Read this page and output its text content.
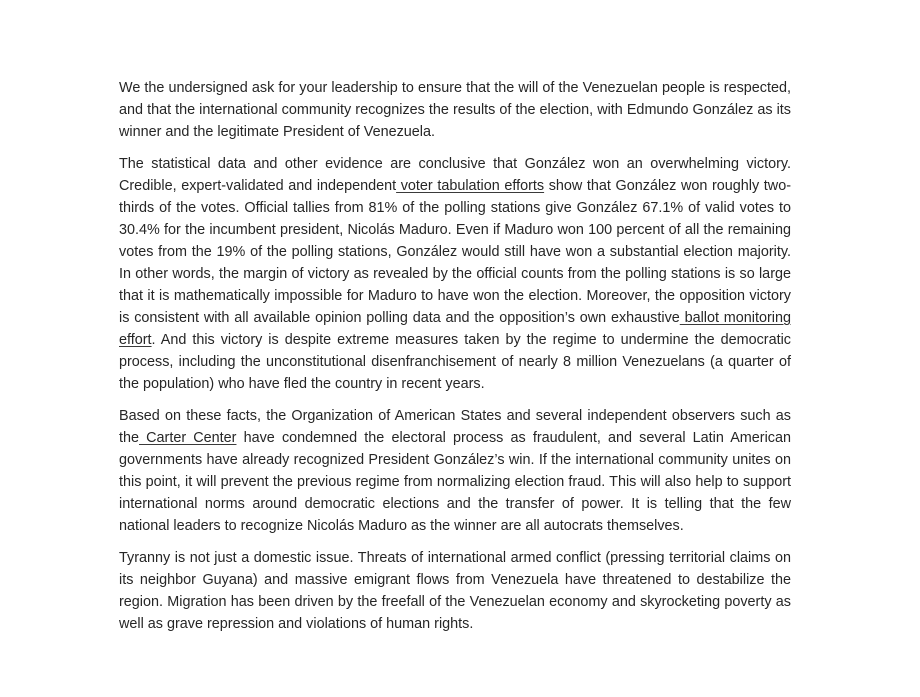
We the undersigned ask for your leadership to ensure that the will of the Venezuelan people is respected, and that the international community recognizes the results of the election, with Edmundo González as its winner and the legitimate President of Venezuela.

The statistical data and other evidence are conclusive that González won an overwhelming victory. Credible, expert-validated and independent voter tabulation efforts show that González won roughly two-thirds of the votes. Official tallies from 81% of the polling stations give González 67.1% of valid votes to 30.4% for the incumbent president, Nicolás Maduro. Even if Maduro won 100 percent of all the remaining votes from the 19% of the polling stations, González would still have won a substantial election majority. In other words, the margin of victory as revealed by the official counts from the polling stations is so large that it is mathematically impossible for Maduro to have won the election. Moreover, the opposition victory is consistent with all available opinion polling data and the opposition’s own exhaustive ballot monitoring effort. And this victory is despite extreme measures taken by the regime to undermine the democratic process, including the unconstitutional disenfranchisement of nearly 8 million Venezuelans (a quarter of the population) who have fled the country in recent years.

Based on these facts, the Organization of American States and several independent observers such as the Carter Center have condemned the electoral process as fraudulent, and several Latin American governments have already recognized President González’s win. If the international community unites on this point, it will prevent the previous regime from normalizing election fraud. This will also help to support international norms around democratic elections and the transfer of power. It is telling that the few national leaders to recognize Nicolás Maduro as the winner are all autocrats themselves.

Tyranny is not just a domestic issue. Threats of international armed conflict (pressing territorial claims on its neighbor Guyana) and massive emigrant flows from Venezuela have threatened to destabilize the region. Migration has been driven by the freefall of the Venezuelan economy and skyrocketing poverty as well as grave repression and violations of human rights.
